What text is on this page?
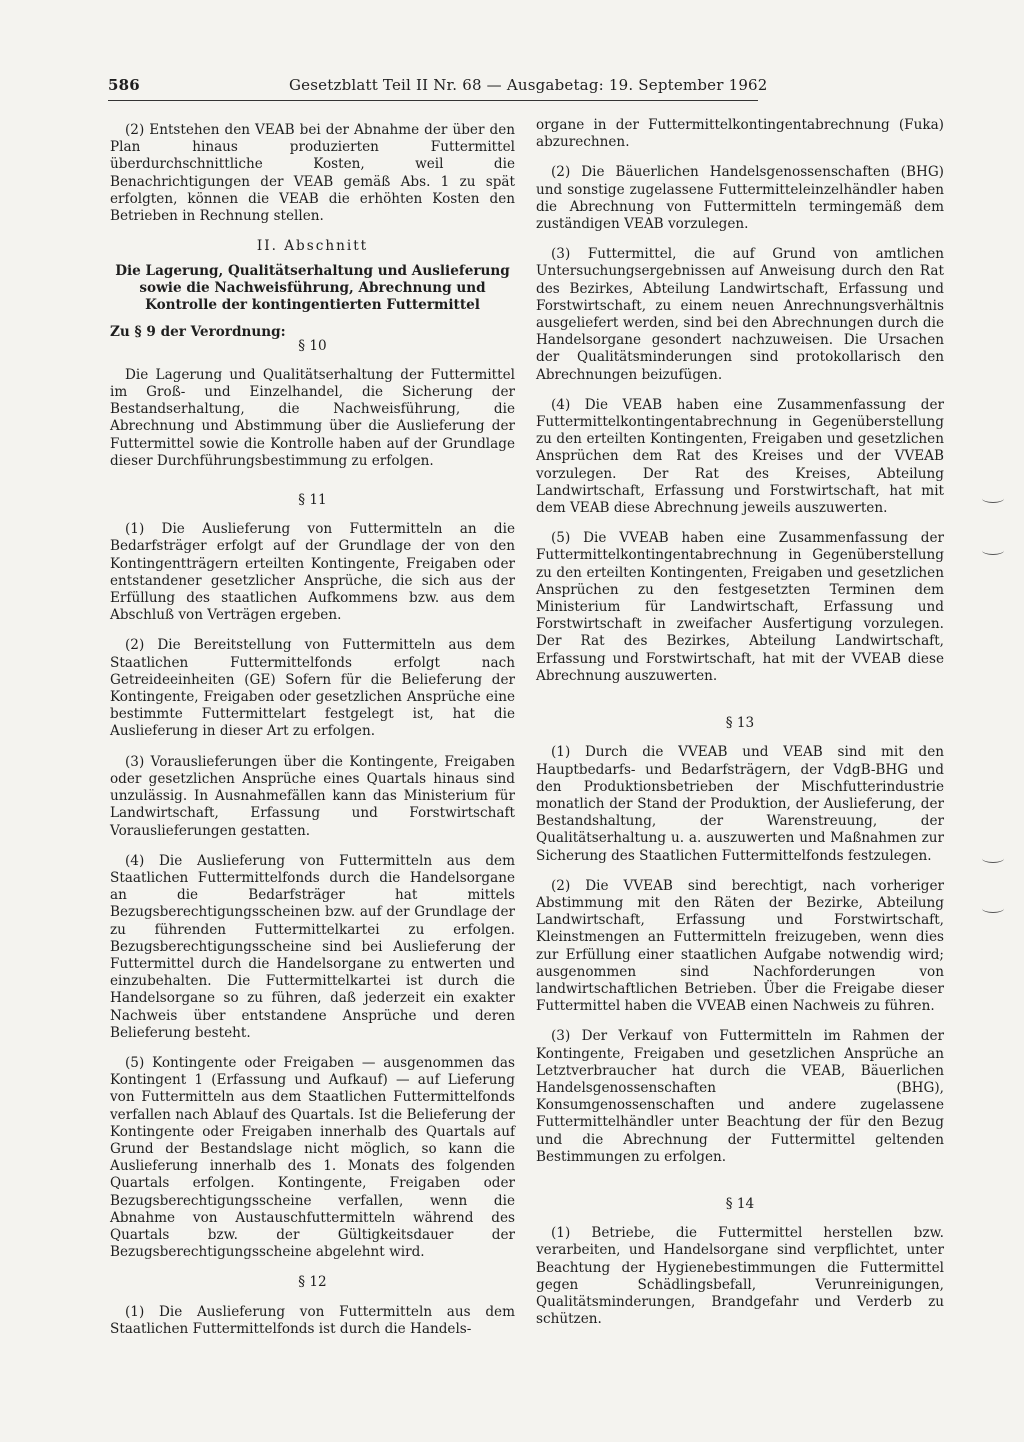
586	Gesetzblatt Teil II Nr. 68 — Ausgabetag: 19. September 1962

(2) Entstehen den VEAB bei der Abnahme der über den Plan hinaus produzierten Futtermittel überdurchschnittliche Kosten, weil die Benachrichtigungen der VEAB gemäß Abs. 1 zu spät erfolgten, können die VEAB die erhöhten Kosten den Betrieben in Rechnung stellen.

II. Abschnitt
Die Lagerung, Qualitätserhaltung und Auslieferung sowie die Nachweisführung, Abrechnung und Kontrolle der kontingentierten Futtermittel
Zu § 9 der Verordnung:
§ 10

Die Lagerung und Qualitätserhaltung der Futtermittel im Groß- und Einzelhandel, die Sicherung der Bestandserhaltung, die Nachweisführung, die Abrechnung und Abstimmung über die Auslieferung der Futtermittel sowie die Kontrolle haben auf der Grundlage dieser Durchführungsbestimmung zu erfolgen.

§ 11

(1) Die Auslieferung von Futtermitteln an die Bedarfsträger erfolgt auf der Grundlage der von den Kontingentträgern erteilten Kontingente, Freigaben oder entstandener gesetzlicher Ansprüche, die sich aus der Erfüllung des staatlichen Aufkommens bzw. aus dem Abschluß von Verträgen ergeben.

(2) Die Bereitstellung von Futtermitteln aus dem Staatlichen Futtermittelfonds erfolgt nach Getreideeinheiten (GE) Sofern für die Belieferung der Kontingente, Freigaben oder gesetzlichen Ansprüche eine bestimmte Futtermittelart festgelegt ist, hat die Auslieferung in dieser Art zu erfolgen.

(3) Vorauslieferungen über die Kontingente, Freigaben oder gesetzlichen Ansprüche eines Quartals hinaus sind unzulässig. In Ausnahmefällen kann das Ministerium für Landwirtschaft, Erfassung und Forstwirtschaft Vorauslieferungen gestatten.

(4) Die Auslieferung von Futtermitteln aus dem Staatlichen Futtermittelfonds durch die Handelsorgane an die Bedarfsträger hat mittels Bezugsberechtigungsscheinen bzw. auf der Grundlage der zu führenden Futtermittelkartei zu erfolgen. Bezugsberechtigungsscheine sind bei Auslieferung der Futtermittel durch die Handelsorgane zu entwerten und einzubehalten. Die Futtermittelkartei ist durch die Handelsorgane so zu führen, daß jederzeit ein exakter Nachweis über entstandene Ansprüche und deren Belieferung besteht.

(5) Kontingente oder Freigaben — ausgenommen das Kontingent 1 (Erfassung und Aufkauf) — auf Lieferung von Futtermitteln aus dem Staatlichen Futtermittelfonds verfallen nach Ablauf des Quartals. Ist die Belieferung der Kontingente oder Freigaben innerhalb des Quartals auf Grund der Bestandslage nicht möglich, so kann die Auslieferung innerhalb des 1. Monats des folgenden Quartals erfolgen. Kontingente, Freigaben oder Bezugsberechtigungsscheine verfallen, wenn die Abnahme von Austauschfuttermitteln während des Quartals bzw. der Gültigkeitsdauer der Bezugsberechtigungsscheine abgelehnt wird.

§ 12

(1) Die Auslieferung von Futtermitteln aus dem Staatlichen Futtermittelfonds ist durch die Handels-

organe in der Futtermittelkontingentabrechnung (Fuka) abzurechnen.

(2) Die Bäuerlichen Handelsgenossenschaften (BHG) und sonstige zugelassene Futtermitteleinzelhändler haben die Abrechnung von Futtermitteln termingemäß dem zuständigen VEAB vorzulegen.

(3) Futtermittel, die auf Grund von amtlichen Untersuchungsergebnissen auf Anweisung durch den Rat des Bezirkes, Abteilung Landwirtschaft, Erfassung und Forstwirtschaft, zu einem neuen Anrechnungsverhältnis ausgeliefert werden, sind bei den Abrechnungen durch die Handelsorgane gesondert nachzuweisen. Die Ursachen der Qualitätsminderungen sind protokollarisch den Abrechnungen beizufügen.

(4) Die VEAB haben eine Zusammenfassung der Futtermittelkontingentabrechnung in Gegenüberstellung zu den erteilten Kontingenten, Freigaben und gesetzlichen Ansprüchen dem Rat des Kreises und der VVEAB vorzulegen. Der Rat des Kreises, Abteilung Landwirtschaft, Erfassung und Forstwirtschaft, hat mit dem VEAB diese Abrechnung jeweils auszuwerten.

(5) Die VVEAB haben eine Zusammenfassung der Futtermittelkontingentabrechnung in Gegenüberstellung zu den erteilten Kontingenten, Freigaben und gesetzlichen Ansprüchen zu den festgesetzten Terminen dem Ministerium für Landwirtschaft, Erfassung und Forstwirtschaft in zweifacher Ausfertigung vorzulegen. Der Rat des Bezirkes, Abteilung Landwirtschaft, Erfassung und Forstwirtschaft, hat mit der VVEAB diese Abrechnung auszuwerten.

§ 13

(1) Durch die VVEAB und VEAB sind mit den Hauptbedarfs- und Bedarfsträgern, der VdgB-BHG und den Produktionsbetrieben der Mischfutterindustrie monatlich der Stand der Produktion, der Auslieferung, der Bestandshaltung, der Warenstreuung, der Qualitätserhaltung u. a. auszuwerten und Maßnahmen zur Sicherung des Staatlichen Futtermittelfonds festzulegen.

(2) Die VVEAB sind berechtigt, nach vorheriger Abstimmung mit den Räten der Bezirke, Abteilung Landwirtschaft, Erfassung und Forstwirtschaft, Kleinstmengen an Futtermitteln freizugeben, wenn dies zur Erfüllung einer staatlichen Aufgabe notwendig wird; ausgenommen sind Nachforderungen von landwirtschaftlichen Betrieben. Über die Freigabe dieser Futtermittel haben die VVEAB einen Nachweis zu führen.

(3) Der Verkauf von Futtermitteln im Rahmen der Kontingente, Freigaben und gesetzlichen Ansprüche an Letztverbraucher hat durch die VEAB, Bäuerlichen Handelsgenossenschaften (BHG), Konsumgenossenschaften und andere zugelassene Futtermittelhändler unter Beachtung der für den Bezug und die Abrechnung der Futtermittel geltenden Bestimmungen zu erfolgen.

§ 14

(1) Betriebe, die Futtermittel herstellen bzw. verarbeiten, und Handelsorgane sind verpflichtet, unter Beachtung der Hygienebestimmungen die Futtermittel gegen Schädlingsbefall, Verunreinigungen, Qualitätsminderungen, Brandgefahr und Verderb zu schützen.
